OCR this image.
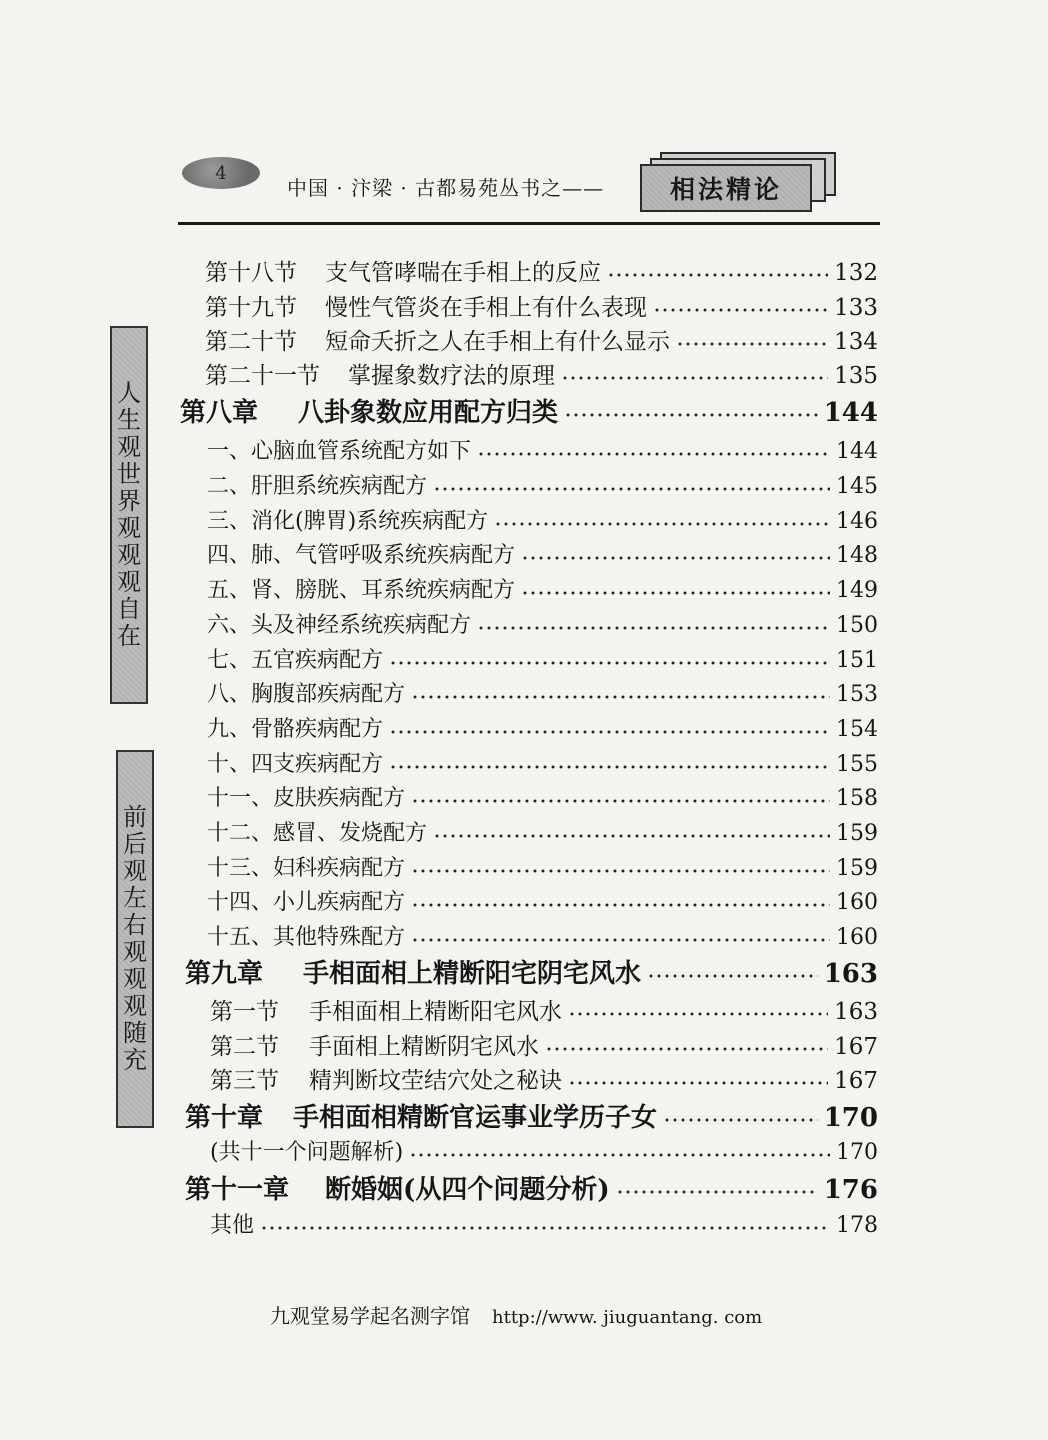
4
中国 · 汴梁 · 古都易苑丛书之——	相法精论
人
生
观
世
界
观
观
观
自
在
前
后
观
左
右
观
观
观
随
充
第十八节 支气管哮喘在手相上的反应	132
第十九节 慢性气管炎在手相上有什么表现	133
第二十节 短命夭折之人在手相上有什么显示	134
第二十一节 掌握象数疗法的原理	135
第八章 八卦象数应用配方归类	144
一、心脑血管系统配方如下	144
二、肝胆系统疾病配方	145
三、消化(脾胃)系统疾病配方	146
四、肺、气管呼吸系统疾病配方	148
五、肾、膀胱、耳系统疾病配方	149
六、头及神经系统疾病配方	150
七、五官疾病配方	151
八、胸腹部疾病配方	153
九、骨骼疾病配方	154
十、四支疾病配方	155
十一、皮肤疾病配方	158
十二、感冒、发烧配方	159
十三、妇科疾病配方	159
十四、小儿疾病配方	160
十五、其他特殊配方	160
第九章 手相面相上精断阳宅阴宅风水	163
第一节 手相面相上精断阳宅风水	163
第二节 手面相上精断阴宅风水	167
第三节 精判断坟茔结穴处之秘诀	167
第十章 手相面相精断官运事业学历子女	170
(共十一个问题解析)	170
第十一章 断婚姻(从四个问题分析)	176
其他	178
九观堂易学起名测字馆 http://www. jiuguantang. com
